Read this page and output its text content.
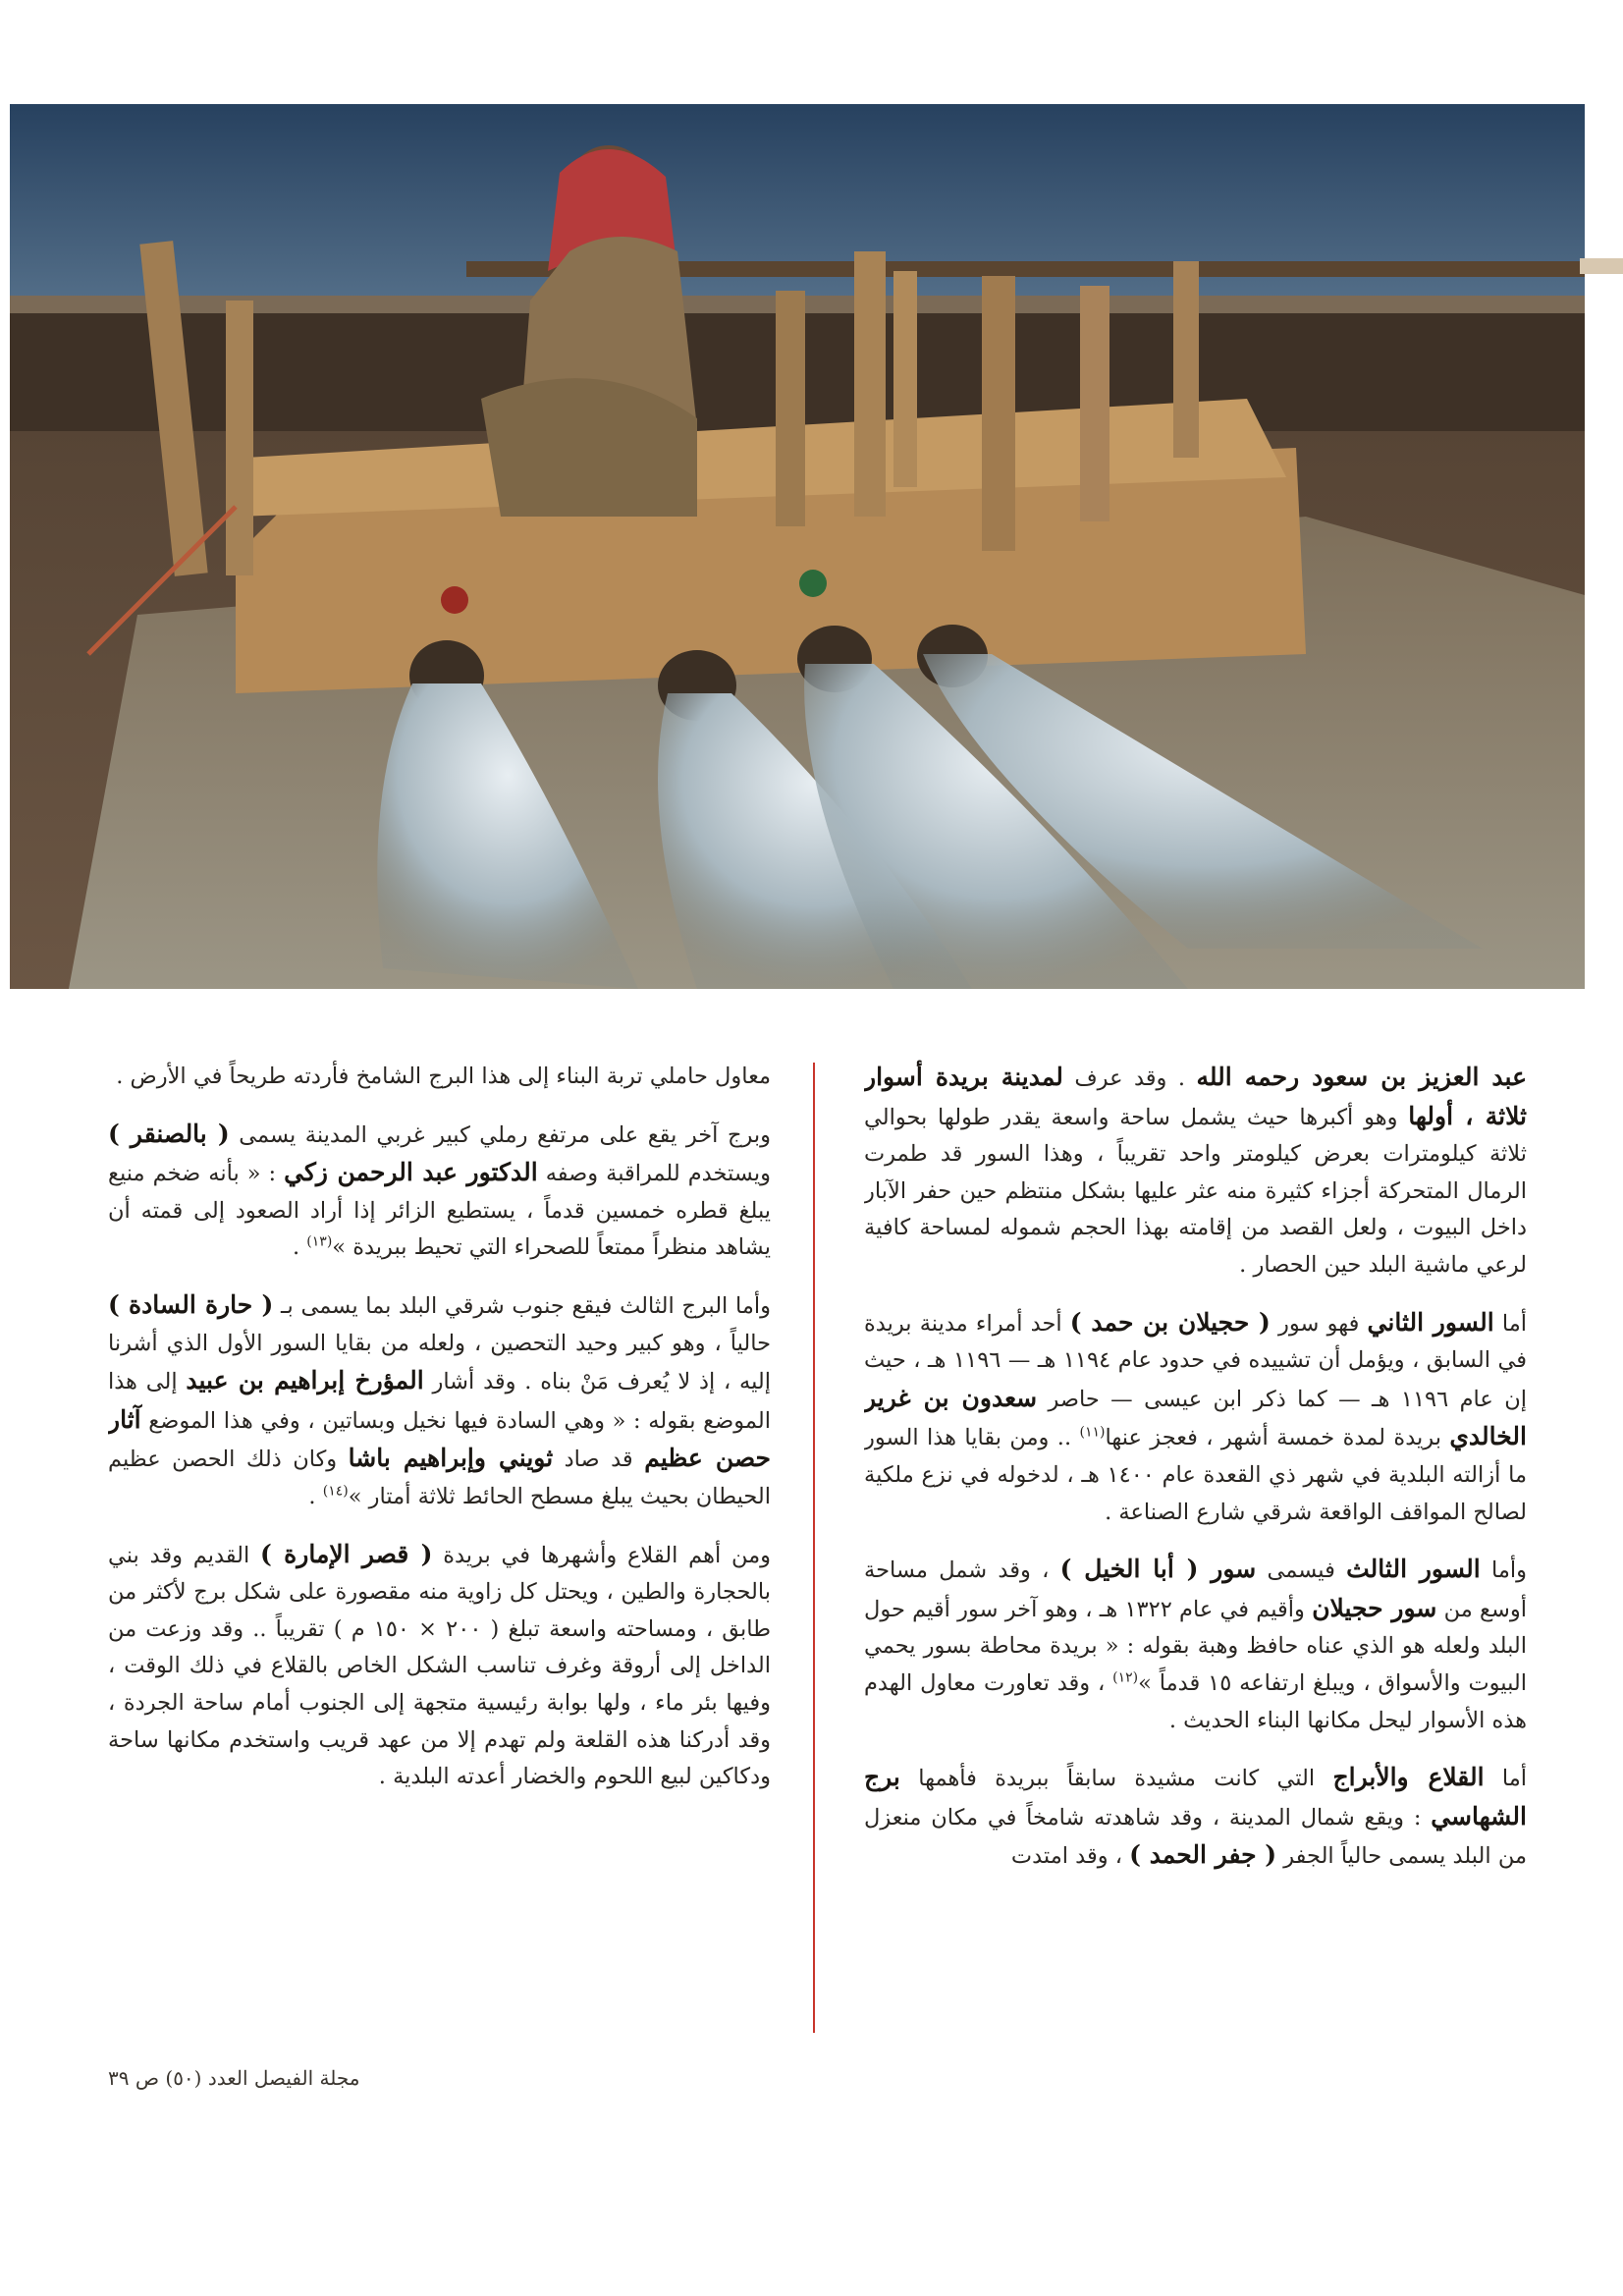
عبد العزيز بن سعود رحمه الله . وقد عرف لمدينة بريدة أسوار ثلاثة ، أولها وهو أكبرها حيث يشمل ساحة واسعة يقدر طولها بحوالي ثلاثة كيلومترات بعرض كيلومتر واحد تقريباً ، وهذا السور قد طمرت الرمال المتحركة أجزاء كثيرة منه عثر عليها بشكل منتظم حين حفر الآبار داخل البيوت ، ولعل القصد من إقامته بهذا الحجم شموله لمساحة كافية لرعي ماشية البلد حين الحصار .

أما السور الثاني فهو سور ( حجيلان بن حمد ) أحد أمراء مدينة بريدة في السابق ، ويؤمل أن تشييده في حدود عام ١١٩٤ هـ — ١١٩٦ هـ ، حيث إن عام ١١٩٦ هـ — كما ذكر ابن عيسى — حاصر سعدون بن غرير الخالدي بريدة لمدة خمسة أشهر ، فعجز عنها$^{(١١)}$ .. ومن بقايا هذا السور ما أزالته البلدية في شهر ذي القعدة عام ١٤٠٠ هـ ، لدخوله في نزع ملكية لصالح المواقف الواقعة شرقي شارع الصناعة .

وأما السور الثالث فيسمى سور ( أبا الخيل ) ، وقد شمل مساحة أوسع من سور حجيلان وأقيم في عام ١٣٢٢ هـ ، وهو آخر سور أقيم حول البلد ولعله هو الذي عناه حافظ وهبة بقوله : « بريدة محاطة بسور يحمي البيوت والأسواق ، ويبلغ ارتفاعه ١٥ قدماً »$^{(١٢)}$ ، وقد تعاورت معاول الهدم هذه الأسوار ليحل مكانها البناء الحديث .

أما القلاع والأبراج التي كانت مشيدة سابقاً ببريدة فأهمها برج الشهاسي : ويقع شمال المدينة ، وقد شاهدته شامخاً في مكان منعزل من البلد يسمى حالياً الجفر ( جفر الحمد ) ، وقد امتدت

معاول حاملي تربة البناء إلى هذا البرج الشامخ فأردته طريحاً في الأرض .

وبرج آخر يقع على مرتفع رملي كبير غربي المدينة يسمى ( بالصنقر ) ويستخدم للمراقبة وصفه الدكتور عبد الرحمن زكي : « بأنه ضخم منيع يبلغ قطره خمسين قدماً ، يستطيع الزائر إذا أراد الصعود إلى قمته أن يشاهد منظراً ممتعاً للصحراء التي تحيط ببريدة »$^{(١٣)}$ .

وأما البرج الثالث فيقع جنوب شرقي البلد بما يسمى بـ ( حارة السادة ) حالياً ، وهو كبير وحيد التحصين ، ولعله من بقايا السور الأول الذي أشرنا إليه ، إذ لا يُعرف مَنْ بناه . وقد أشار المؤرخ إبراهيم بن عبيد إلى هذا الموضع بقوله : « وهي السادة فيها نخيل وبساتين ، وفي هذا الموضع آثار حصن عظيم قد صاد ثويني وإبراهيم باشا وكان ذلك الحصن عظيم الحيطان بحيث يبلغ مسطح الحائط ثلاثة أمتار »$^{(١٤)}$ .

ومن أهم القلاع وأشهرها في بريدة ( قصر الإمارة ) القديم وقد بني بالحجارة والطين ، ويحتل كل زاوية منه مقصورة على شكل برج لأكثر من طابق ، ومساحته واسعة تبلغ ( ٢٠٠ × ١٥٠ م ) تقريباً .. وقد وزعت من الداخل إلى أروقة وغرف تناسب الشكل الخاص بالقلاع في ذلك الوقت ، وفيها بئر ماء ، ولها بوابة رئيسية متجهة إلى الجنوب أمام ساحة الجردة ، وقد أدركنا هذه القلعة ولم تهدم إلا من عهد قريب واستخدم مكانها ساحة ودكاكين لبيع اللحوم والخضار أعدته البلدية .

مجلة الفيصل العدد (٥٠) ص ٣٩
